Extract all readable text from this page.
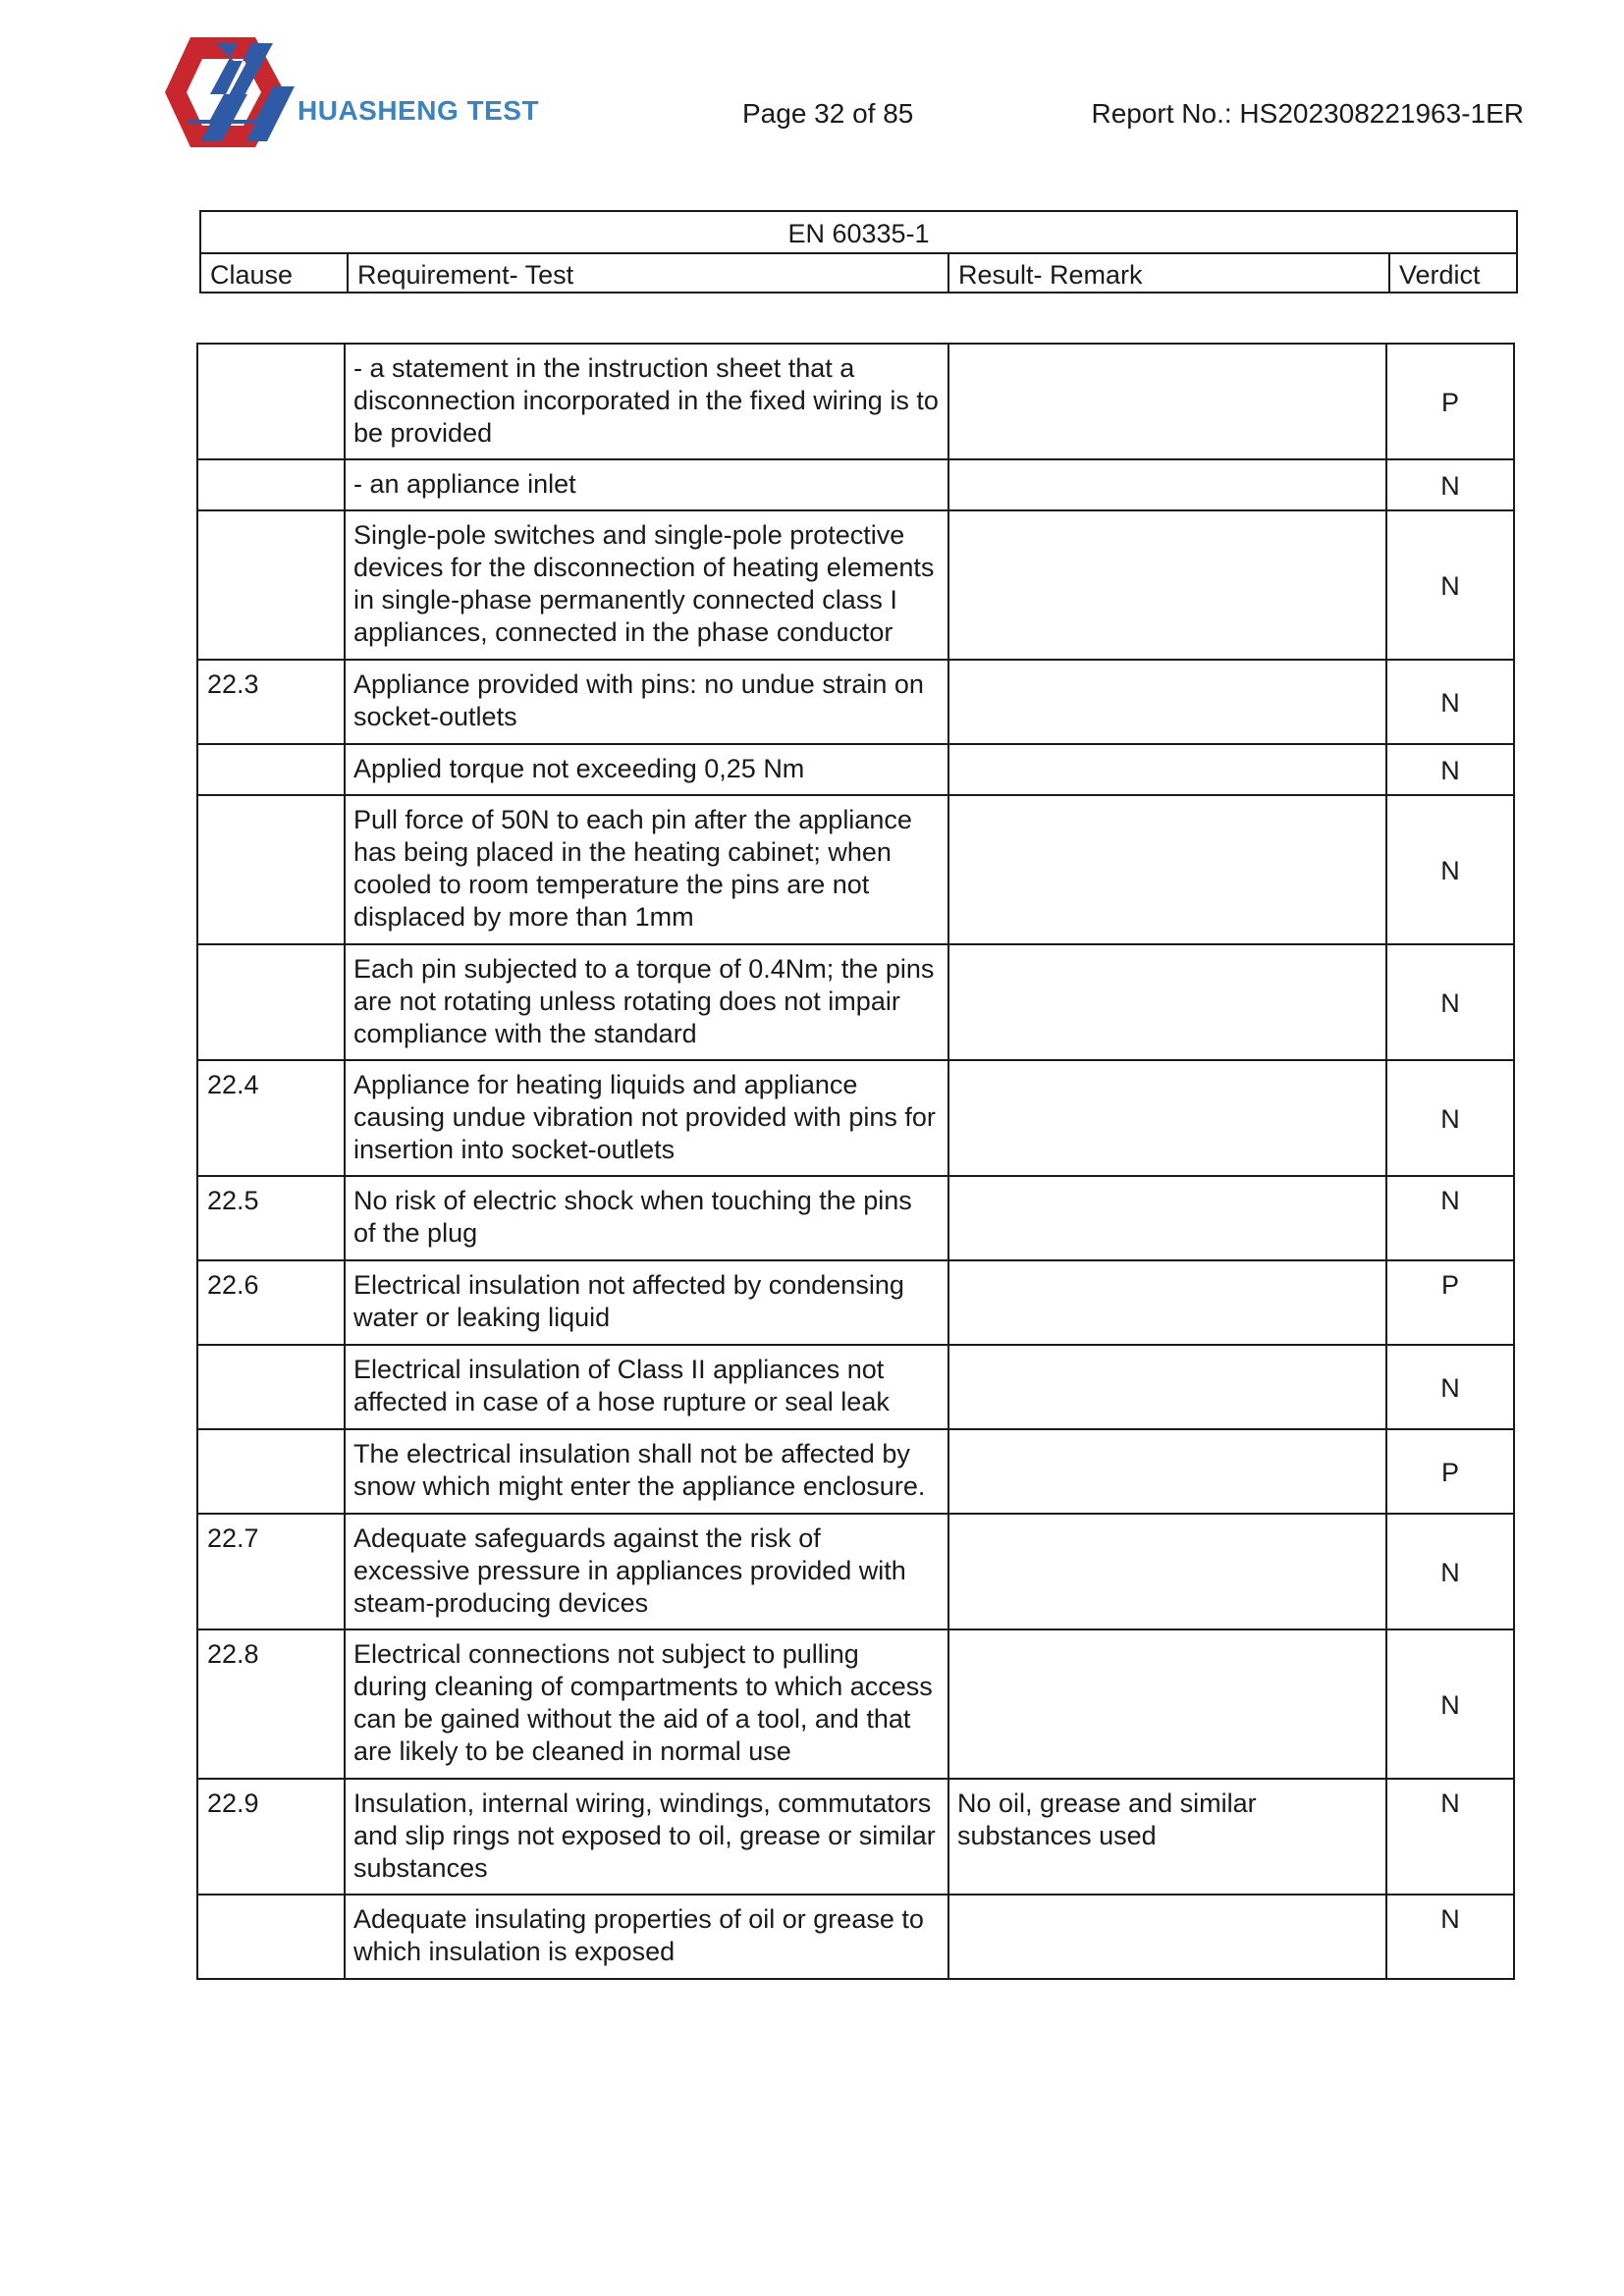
HUASHENG TEST	Page 32 of 85	Report No.: HS202308221963-1ER
EN 60335-1
Clause	Requirement- Test	Result- Remark	Verdict
	- a statement in the instruction sheet that a disconnection incorporated in the fixed wiring is to be provided		P
	- an appliance inlet		N
	Single-pole switches and single-pole protective devices for the disconnection of heating elements in single-phase permanently connected class I appliances, connected in the phase conductor		N
22.3	Appliance provided with pins: no undue strain on socket-outlets		N
	Applied torque not exceeding 0,25 Nm		N
	Pull force of 50N to each pin after the appliance has being placed in the heating cabinet; when cooled to room temperature the pins are not displaced by more than 1mm		N
	Each pin subjected to a torque of 0.4Nm; the pins are not rotating unless rotating does not impair compliance with the standard		N
22.4	Appliance for heating liquids and appliance causing undue vibration not provided with pins for insertion into socket-outlets		N
22.5	No risk of electric shock when touching the pins of the plug		N
22.6	Electrical insulation not affected by condensing water or leaking liquid		P
	Electrical insulation of Class II appliances not affected in case of a hose rupture or seal leak		N
	The electrical insulation shall not be affected by snow which might enter the appliance enclosure.		P
22.7	Adequate safeguards against the risk of excessive pressure in appliances provided with steam-producing devices		N
22.8	Electrical connections not subject to pulling during cleaning of compartments to which access can be gained without the aid of a tool, and that are likely to be cleaned in normal use		N
22.9	Insulation, internal wiring, windings, commutators and slip rings not exposed to oil, grease or similar substances	No oil, grease and similar substances used	N
	Adequate insulating properties of oil or grease to which insulation is exposed		N
